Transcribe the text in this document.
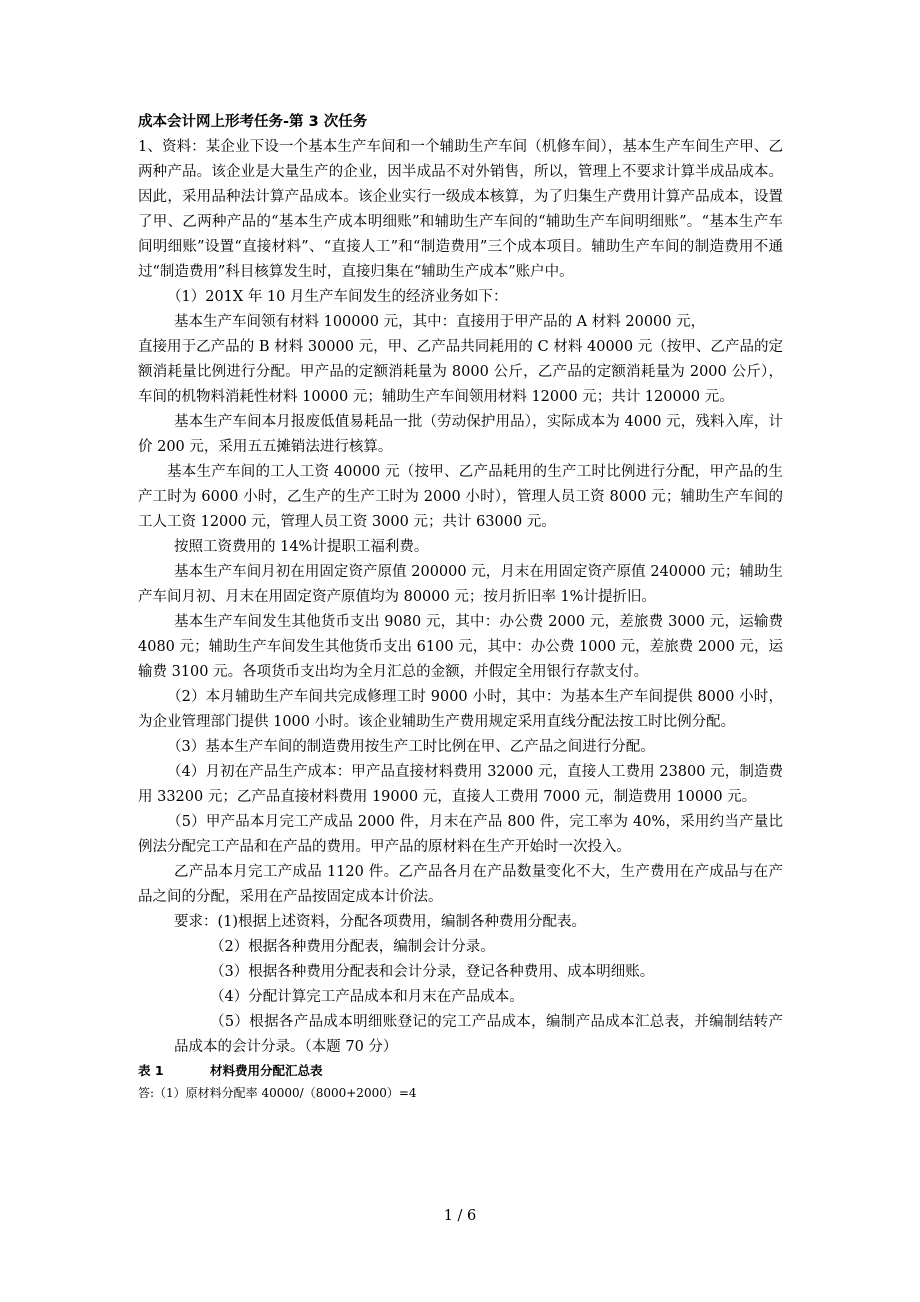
成本会计网上形考任务-第 3 次任务

1、资料：某企业下设一个基本生产车间和一个辅助生产车间（机修车间），基本生产车间生产甲、乙两种产品。该企业是大量生产的企业，因半成品不对外销售，所以，管理上不要求计算半成品成本。因此，采用品种法计算产品成本。该企业实行一级成本核算，为了归集生产费用计算产品成本，设置了甲、乙两种产品的“基本生产成本明细账”和辅助生产车间的“辅助生产车间明细账”。“基本生产车间明细账”设置“直接材料”、“直接人工”和“制造费用”三个成本项目。辅助生产车间的制造费用不通过“制造费用”科目核算发生时，直接归集在“辅助生产成本”账户中。

（1）201X 年 10 月生产车间发生的经济业务如下：

基本生产车间领有材料 100000 元，其中：直接用于甲产品的 A 材料 20000 元，

直接用于乙产品的 B 材料 30000 元，甲、乙产品共同耗用的 C 材料 40000 元（按甲、乙产品的定额消耗量比例进行分配。甲产品的定额消耗量为 8000 公斤，乙产品的定额消耗量为 2000 公斤），车间的机物料消耗性材料 10000 元；辅助生产车间领用材料 12000 元；共计 120000 元。

基本生产车间本月报废低值易耗品一批（劳动保护用品），实际成本为 4000 元，残料入库，计价 200 元，采用五五摊销法进行核算。

基本生产车间的工人工资 40000 元（按甲、乙产品耗用的生产工时比例进行分配，甲产品的生产工时为 6000 小时，乙生产的生产工时为 2000 小时），管理人员工资 8000 元；辅助生产车间的工人工资 12000 元，管理人员工资 3000 元；共计 63000 元。

按照工资费用的 14%计提职工福利费。

基本生产车间月初在用固定资产原值 200000 元，月末在用固定资产原值 240000 元；辅助生产车间月初、月末在用固定资产原值均为 80000 元；按月折旧率 1%计提折旧。

基本生产车间发生其他货币支出 9080 元，其中：办公费 2000 元，差旅费 3000 元，运输费 4080 元；辅助生产车间发生其他货币支出 6100 元，其中：办公费 1000 元，差旅费 2000 元，运输费 3100 元。各项货币支出均为全月汇总的金额，并假定全用银行存款支付。

（2）本月辅助生产车间共完成修理工时 9000 小时，其中：为基本生产车间提供 8000 小时，为企业管理部门提供 1000 小时。该企业辅助生产费用规定采用直线分配法按工时比例分配。

（3）基本生产车间的制造费用按生产工时比例在甲、乙产品之间进行分配。

（4）月初在产品生产成本：甲产品直接材料费用 32000 元，直接人工费用 23800 元，制造费用 33200 元；乙产品直接材料费用 19000 元，直接人工费用 7000 元，制造费用 10000 元。

（5）甲产品本月完工产成品 2000 件，月末在产品 800 件，完工率为 40%，采用约当产量比例法分配完工产品和在产品的费用。甲产品的原材料在生产开始时一次投入。

乙产品本月完工产成品 1120 件。乙产品各月在产品数量变化不大，生产费用在产成品与在产品之间的分配，采用在产品按固定成本计价法。

要求：(1)根据上述资料，分配各项费用，编制各种费用分配表。

（2）根据各种费用分配表，编制会计分录。

（3）根据各种费用分配表和会计分录，登记各种费用、成本明细账。

（4）分配计算完工产品成本和月末在产品成本。

（5）根据各产品成本明细账登记的完工产品成本，编制产品成本汇总表，并编制结转产品成本的会计分录。（本题 70 分）

表 1	材料费用分配汇总表

答:（1）原材料分配率 40000/（8000+2000）=4

1 / 6
